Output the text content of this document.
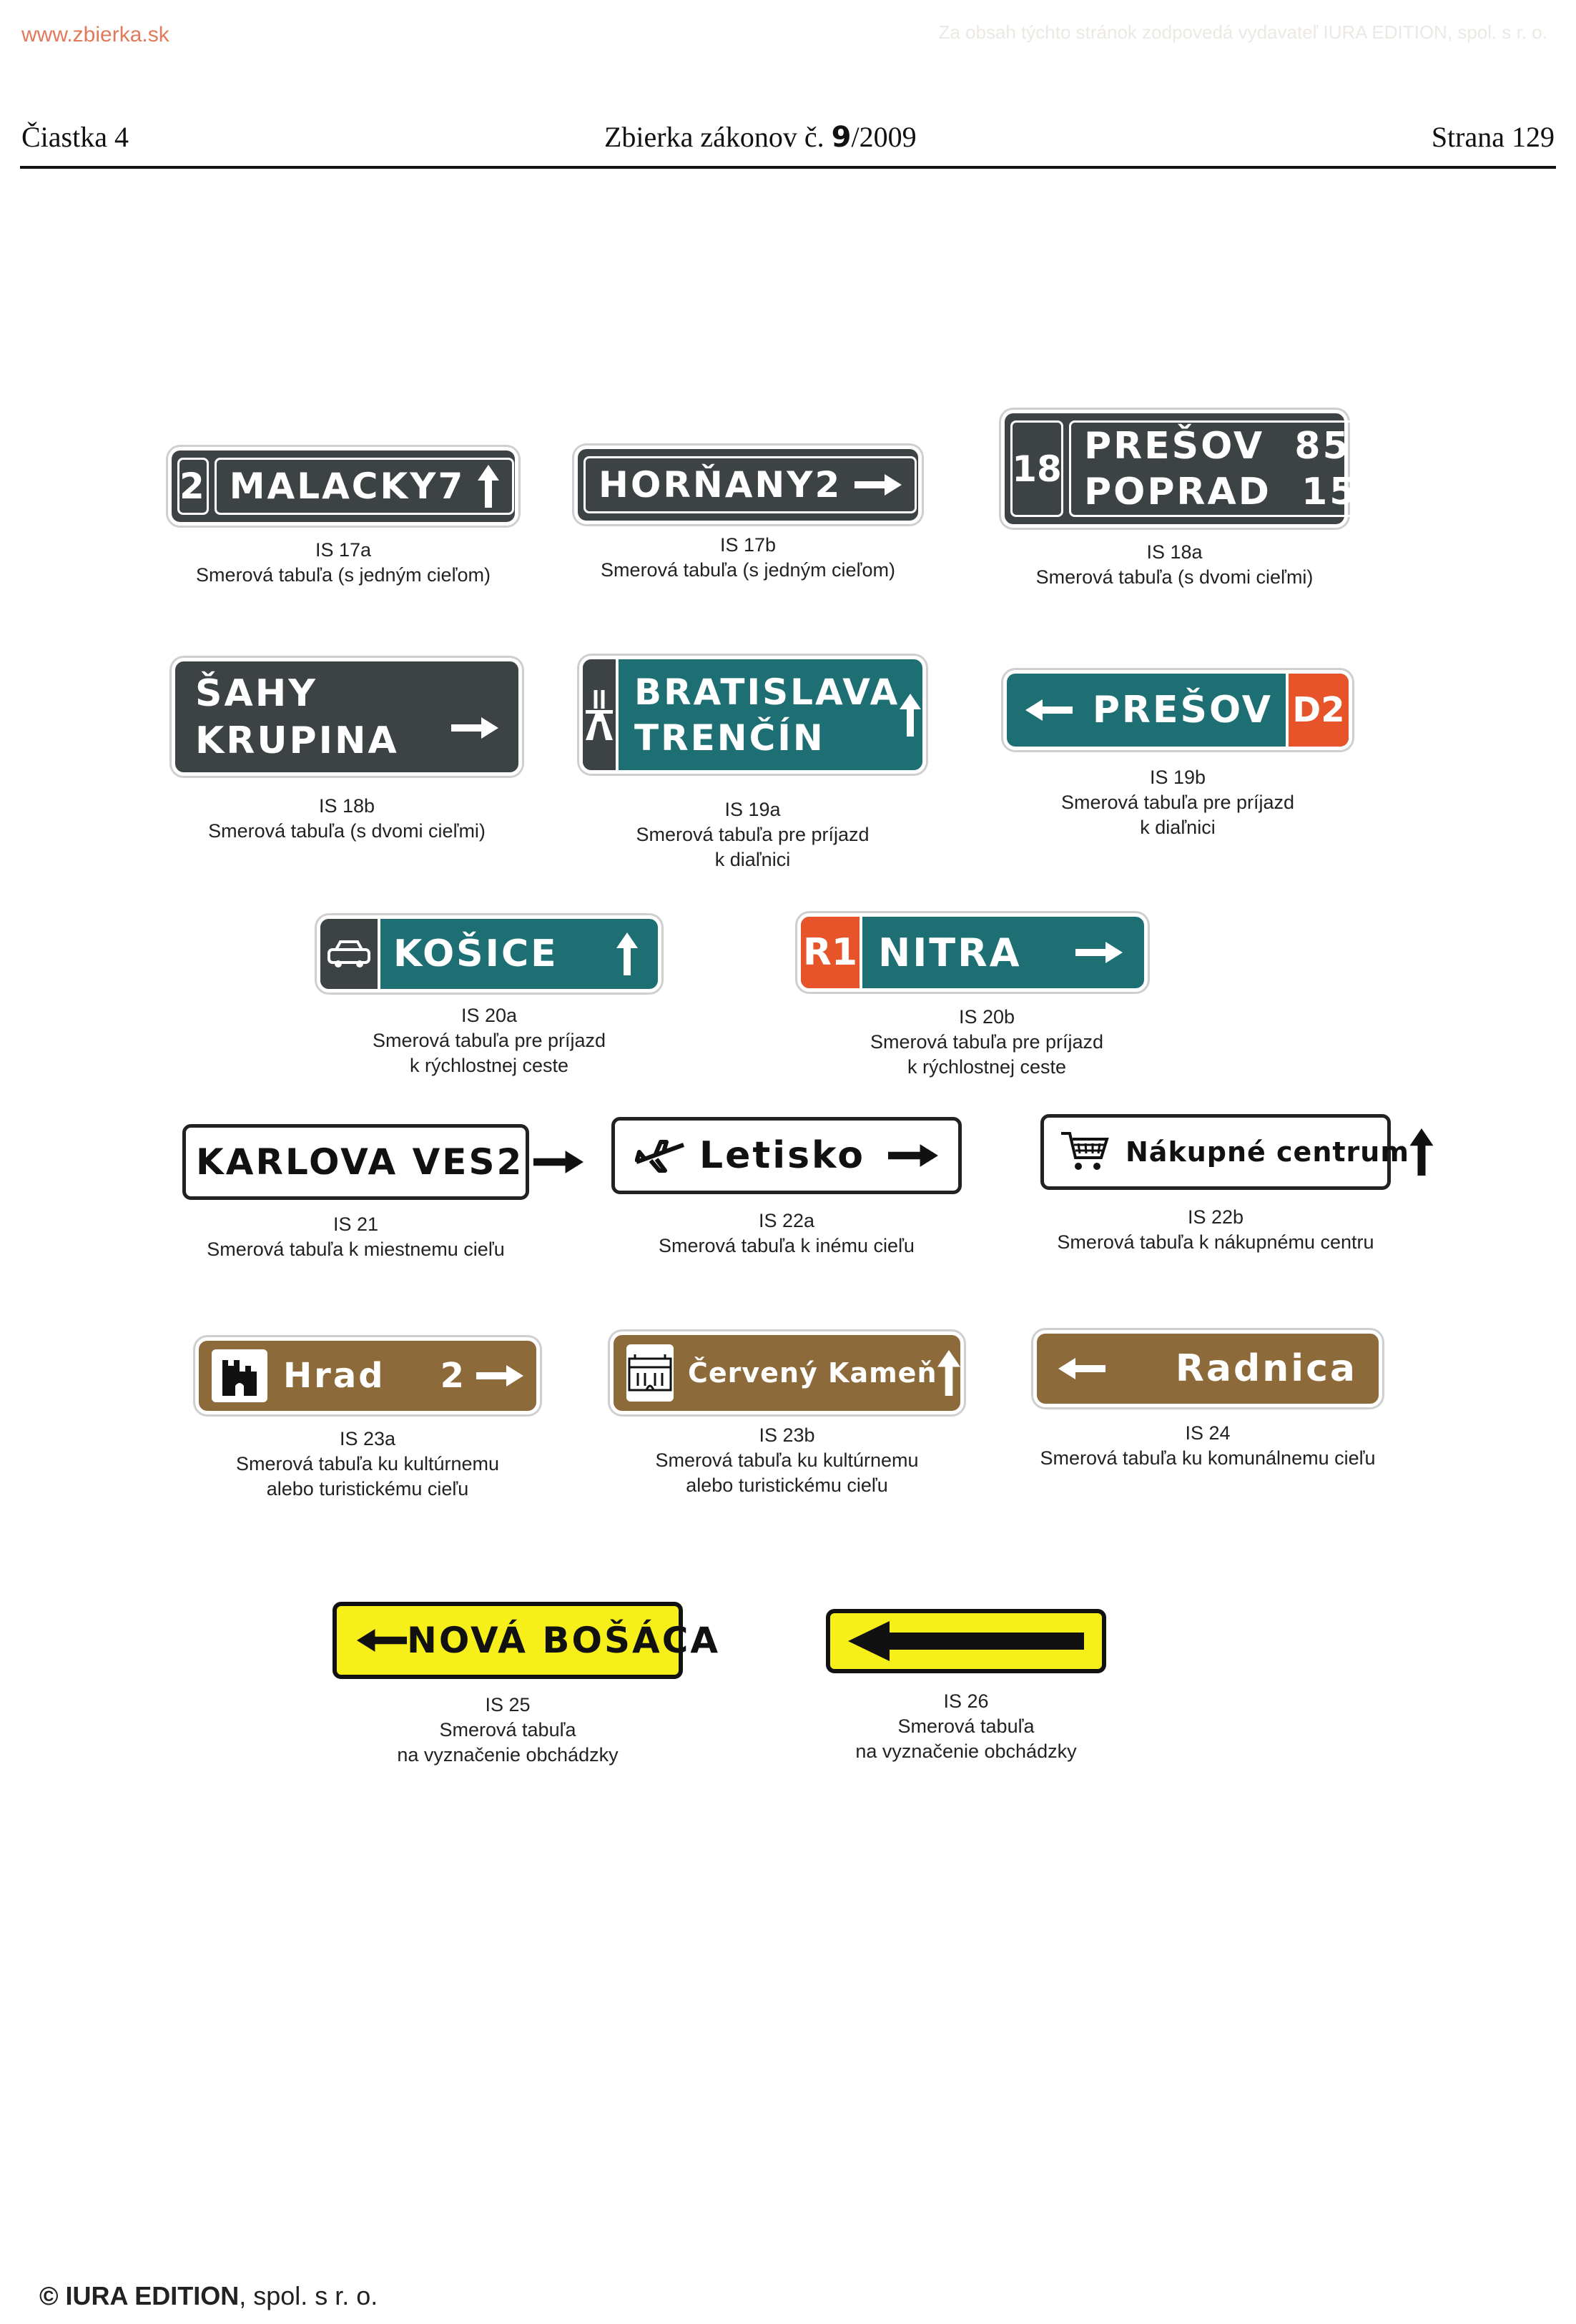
www.zbierka.sk	Za obsah týchto stránok zodpovedá vydavateľ IURA EDITION, spol. s r. o.
Čiastka 4	Zbierka zákonov č. 9/2009	Strana 129
2 MALACKY 7
IS 17a
Smerová tabuľa (s jedným cieľom)
HORŇANY 2
IS 17b
Smerová tabuľa (s jedným cieľom)
18
PREŠOV 85
POPRAD 15
IS 18a
Smerová tabuľa (s dvomi cieľmi)
ŠAHY
KRUPINA
IS 18b
Smerová tabuľa (s dvomi cieľmi)
BRATISLAVA
TRENČÍN
IS 19a
Smerová tabuľa pre príjazd
k diaľnici
PREŠOV D2
IS 19b
Smerová tabuľa pre príjazd
k diaľnici
KOŠICE
IS 20a
Smerová tabuľa pre príjazd
k rýchlostnej ceste
R1 NITRA
IS 20b
Smerová tabuľa pre príjazd
k rýchlostnej ceste
KARLOVA VES 2
IS 21
Smerová tabuľa k miestnemu cieľu
Letisko
IS 22a
Smerová tabuľa k inému cieľu
Nákupné centrum
IS 22b
Smerová tabuľa k nákupnému centru
Hrad 2
IS 23a
Smerová tabuľa ku kultúrnemu
alebo turistickému cieľu
Červený Kameň
IS 23b
Smerová tabuľa ku kultúrnemu
alebo turistickému cieľu
Radnica
IS 24
Smerová tabuľa ku komunálnemu cieľu
NOVÁ BOŠÁCA
IS 25
Smerová tabuľa
na vyznačenie obchádzky
IS 26
Smerová tabuľa
na vyznačenie obchádzky
© IURA EDITION, spol. s r. o.
